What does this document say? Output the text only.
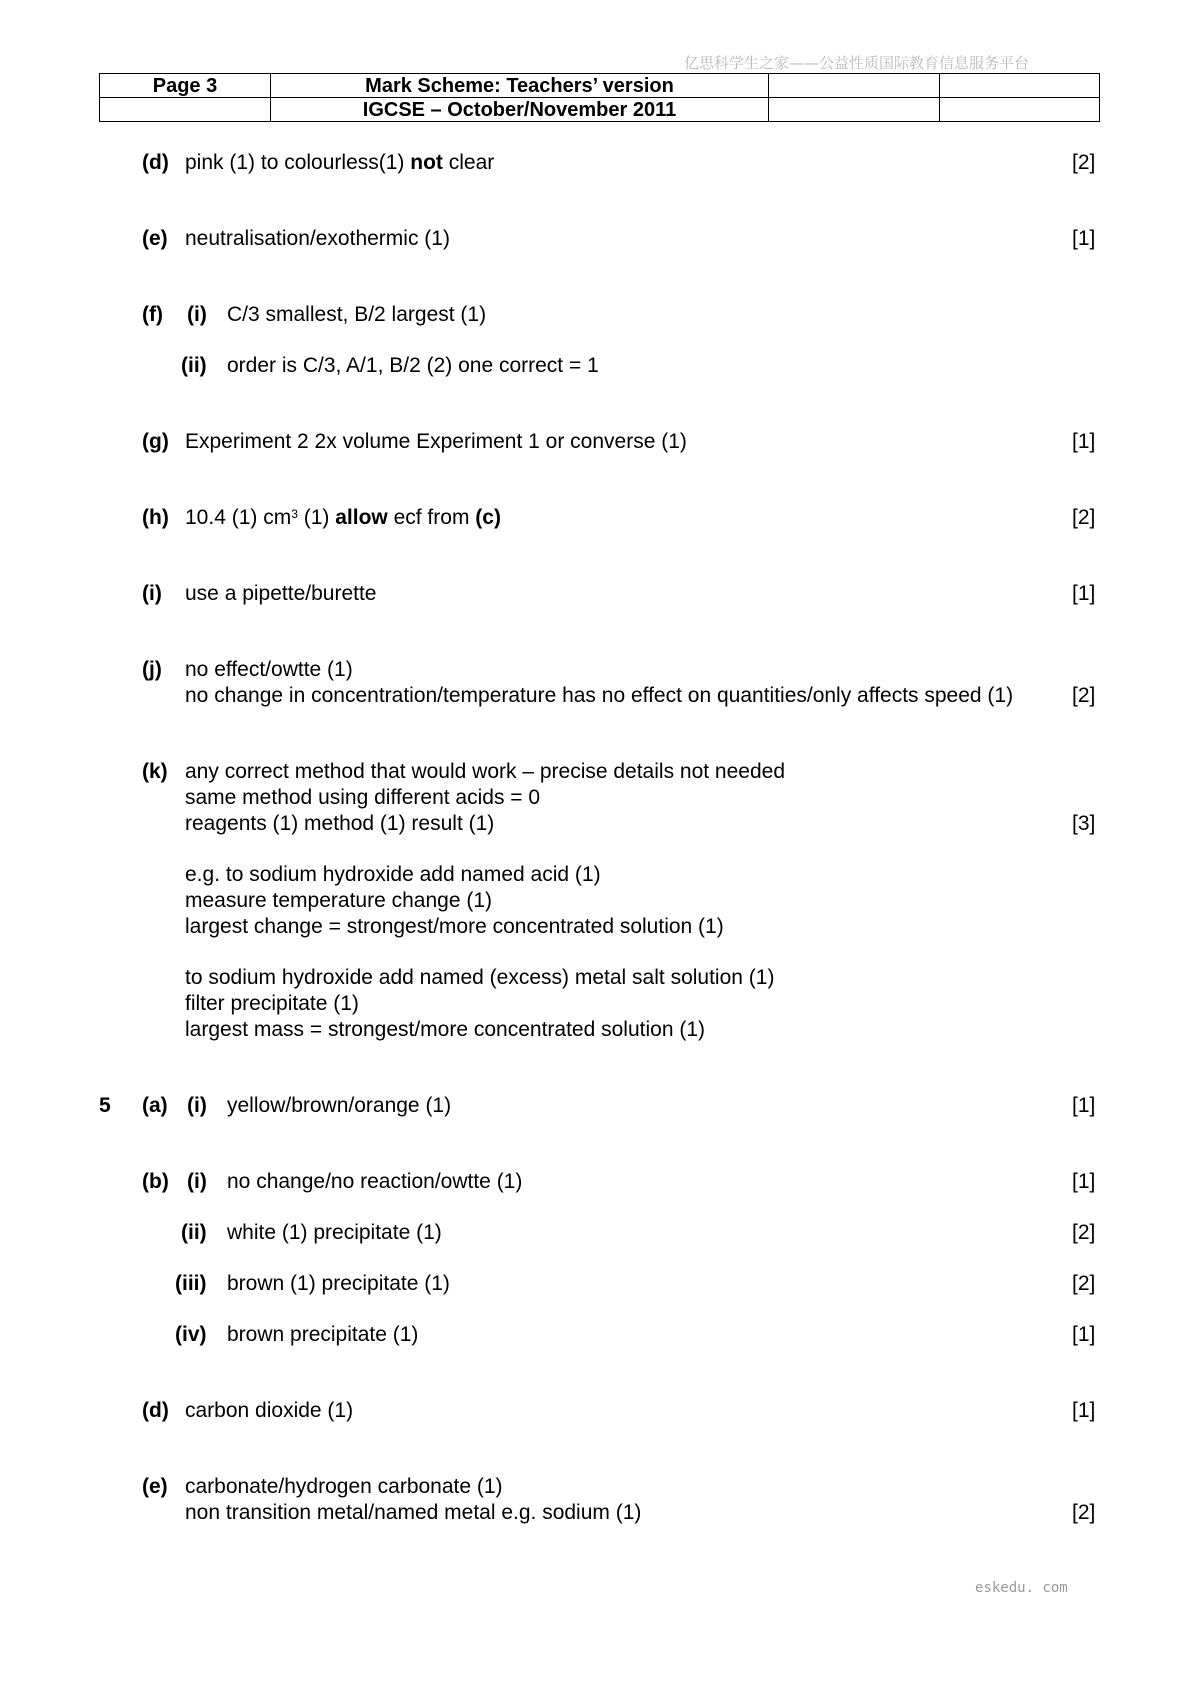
亿思科学生之家——公益性质国际教育信息服务平台
Page 3	Mark Scheme: Teachers’ version		
	IGCSE – October/November 2011		
(d) pink (1) to colourless(1) not clear	[2]
(e) neutralisation/exothermic (1)	[1]
(f) (i) C/3 smallest, B/2 largest (1)
(ii) order is C/3, A/1, B/2 (2) one correct = 1
(g) Experiment 2 2x volume Experiment 1 or converse (1)	[1]
(h) 10.4 (1) $cm^3$ (1) allow ecf from (c)	[2]
(i) use a pipette/burette	[1]
(j) no effect/owtte (1)
no change in concentration/temperature has no effect on quantities/only affects speed (1)	[2]
(k) any correct method that would work – precise details not needed
same method using different acids = 0
reagents (1) method (1) result (1)	[3]
e.g. to sodium hydroxide add named acid (1)
measure temperature change (1)
largest change = strongest/more concentrated solution (1)
to sodium hydroxide add named (excess) metal salt solution (1)
filter precipitate (1)
largest mass = strongest/more concentrated solution (1)
5 (a) (i) yellow/brown/orange (1)	[1]
(b) (i) no change/no reaction/owtte (1)	[1]
(ii) white (1) precipitate (1)	[2]
(iii) brown (1) precipitate (1)	[2]
(iv) brown precipitate (1)	[1]
(d) carbon dioxide (1)	[1]
(e) carbonate/hydrogen carbonate (1)
non transition metal/named metal e.g. sodium (1)	[2]
eskedu. com
